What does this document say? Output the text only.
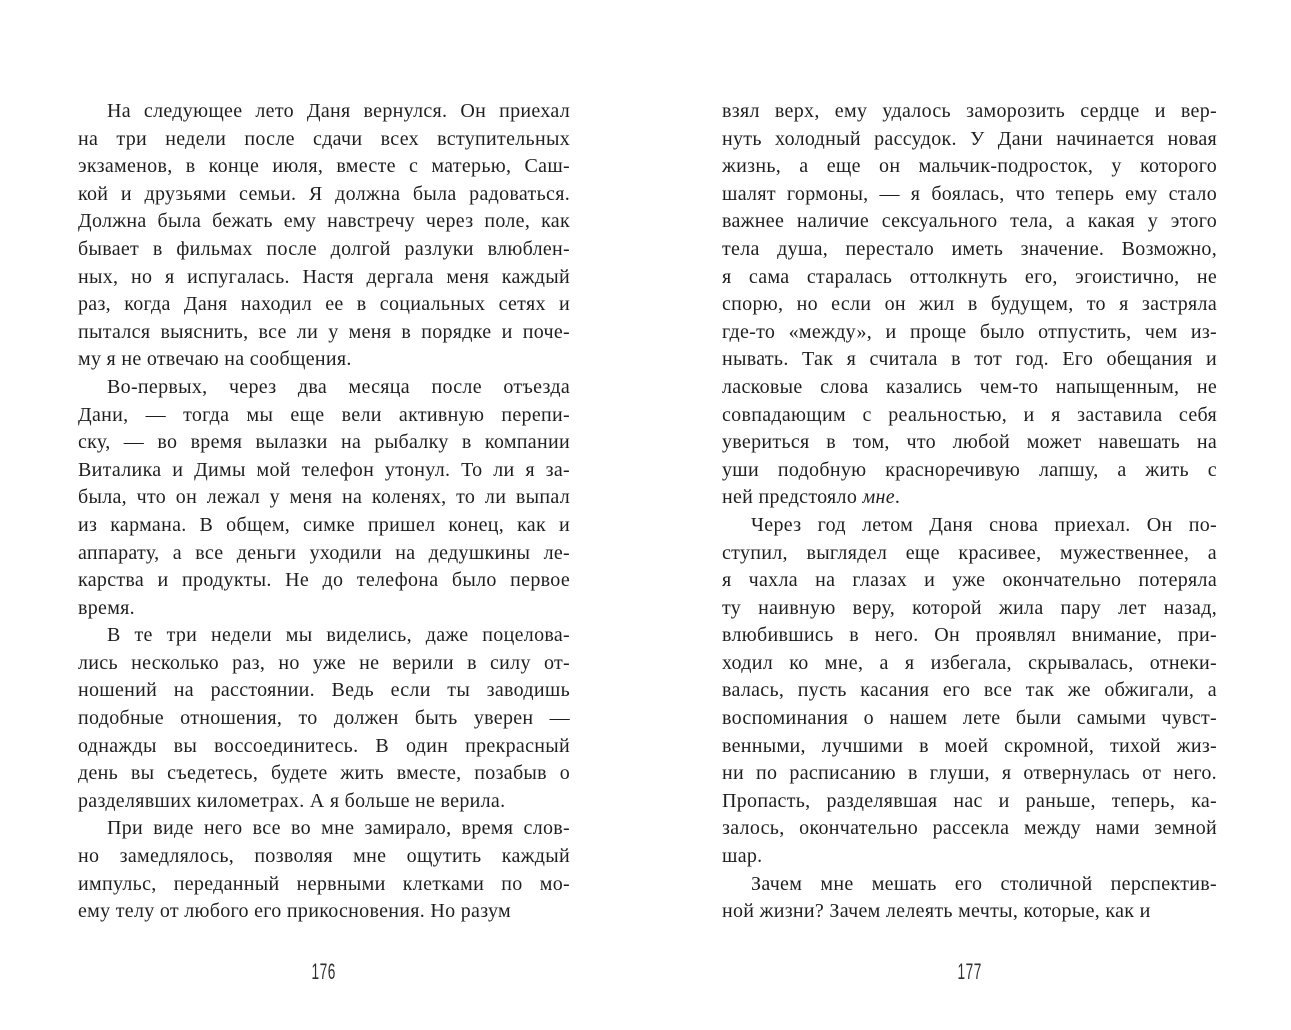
На следующее лето Даня вернулся. Он приехал
на три недели после сдачи всех вступительных
экзаменов, в конце июля, вместе с матерью, Саш-
кой и друзьями семьи. Я должна была радоваться.
Должна была бежать ему навстречу через поле, как
бывает в фильмах после долгой разлуки влюблен-
ных, но я испугалась. Настя дергала меня каждый
раз, когда Даня находил ее в социальных сетях и
пытался выяснить, все ли у меня в порядке и поче-
му я не отвечаю на сообщения.
Во-первых, через два месяца после отъезда
Дани, — тогда мы еще вели активную перепи-
ску, — во время вылазки на рыбалку в компании
Виталика и Димы мой телефон утонул. То ли я за-
была, что он лежал у меня на коленях, то ли выпал
из кармана. В общем, симке пришел конец, как и
аппарату, а все деньги уходили на дедушкины ле-
карства и продукты. Не до телефона было первое
время.
В те три недели мы виделись, даже поцелова-
лись несколько раз, но уже не верили в силу от-
ношений на расстоянии. Ведь если ты заводишь
подобные отношения, то должен быть уверен —
однажды вы воссоединитесь. В один прекрасный
день вы съедетесь, будете жить вместе, позабыв о
разделявших километрах. А я больше не верила.
При виде него все во мне замирало, время слов-
но замедлялось, позволяя мне ощутить каждый
импульс, переданный нервными клетками по мо-
ему телу от любого его прикосновения. Но разум
взял верх, ему удалось заморозить сердце и вер-
нуть холодный рассудок. У Дани начинается новая
жизнь, а еще он мальчик-подросток, у которого
шалят гормоны, — я боялась, что теперь ему стало
важнее наличие сексуального тела, а какая у этого
тела душа, перестало иметь значение. Возможно,
я сама старалась оттолкнуть его, эгоистично, не
спорю, но если он жил в будущем, то я застряла
где-то «между», и проще было отпустить, чем из-
нывать. Так я считала в тот год. Его обещания и
ласковые слова казались чем-то напыщенным, не
совпадающим с реальностью, и я заставила себя
увериться в том, что любой может навешать на
уши подобную красноречивую лапшу, а жить с
ней предстояло мне.
Через год летом Даня снова приехал. Он по-
ступил, выглядел еще красивее, мужественнее, а
я чахла на глазах и уже окончательно потеряла
ту наивную веру, которой жила пару лет назад,
влюбившись в него. Он проявлял внимание, при-
ходил ко мне, а я избегала, скрывалась, отнеки-
валась, пусть касания его все так же обжигали, а
воспоминания о нашем лете были самыми чувст-
венными, лучшими в моей скромной, тихой жиз-
ни по расписанию в глуши, я отвернулась от него.
Пропасть, разделявшая нас и раньше, теперь, ка-
залось, окончательно рассекла между нами земной
шар.
Зачем мне мешать его столичной перспектив-
ной жизни? Зачем лелеять мечты, которые, как и
176	177
